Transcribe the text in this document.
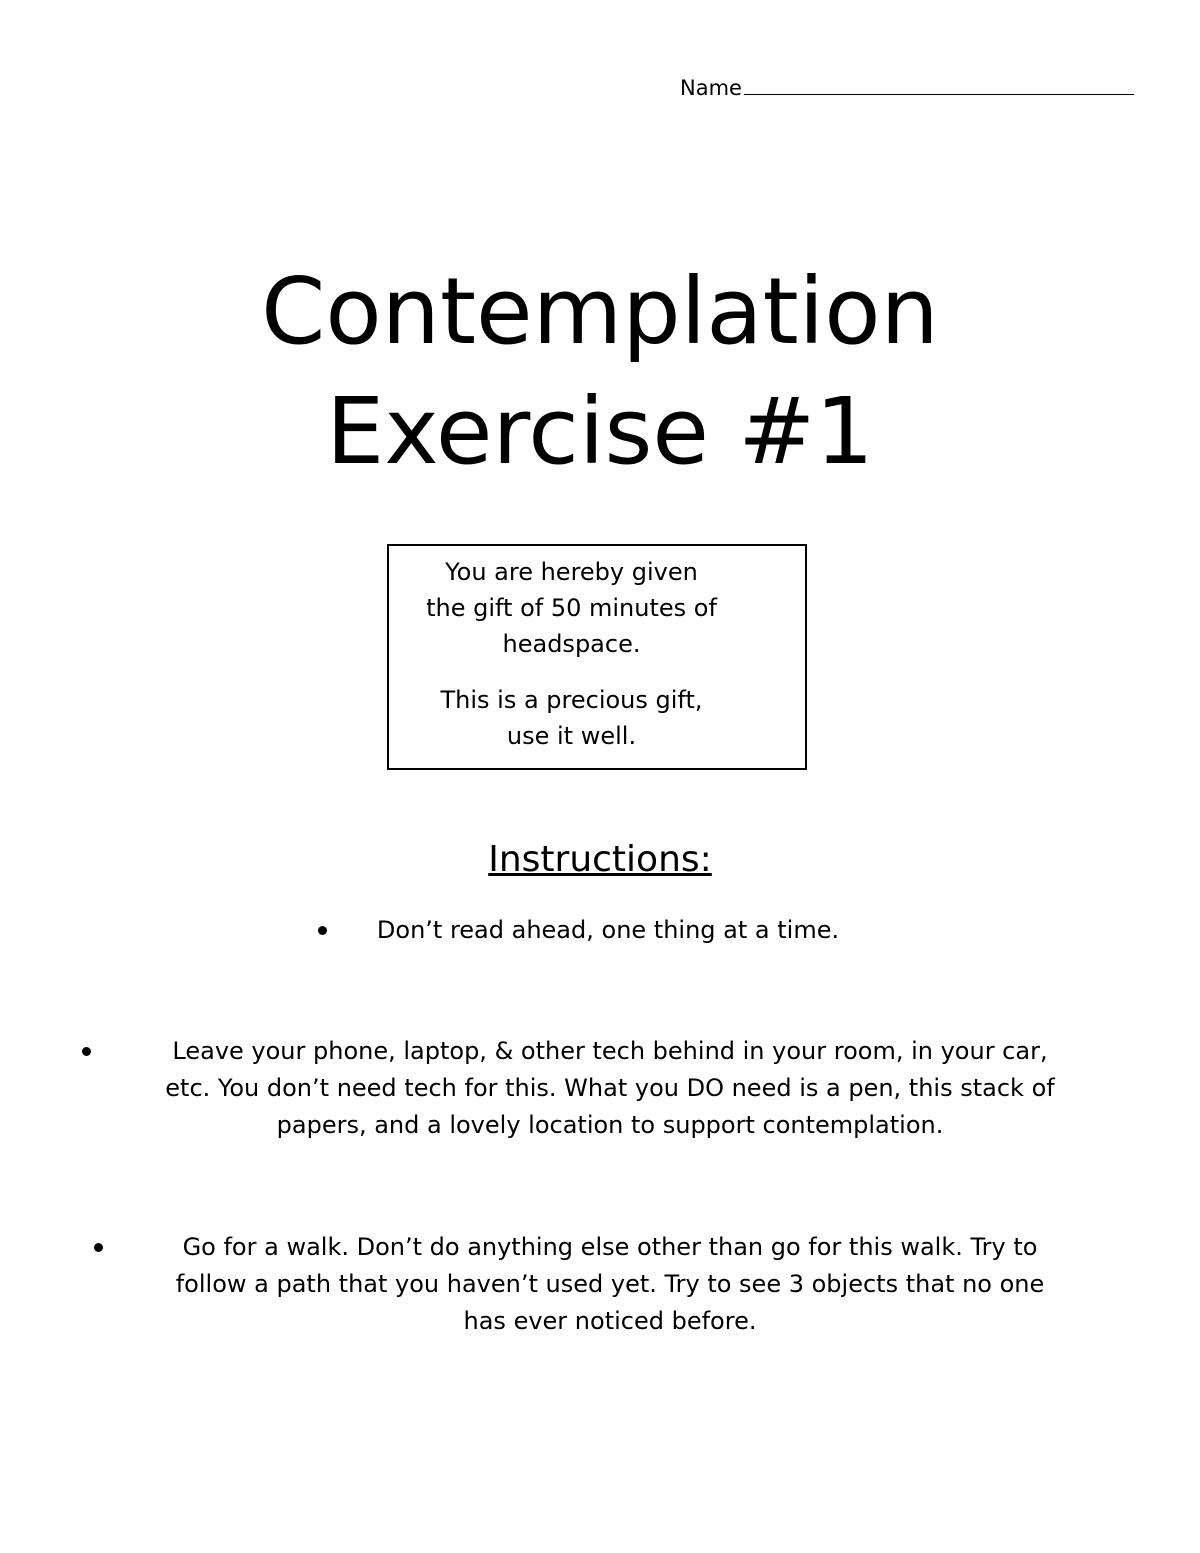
Name
Contemplation
Exercise #1
You are hereby given
the gift of 50 minutes of
headspace.
This is a precious gift,
use it well.
Instructions:
Don’t read ahead, one thing at a time.
Leave your phone, laptop, & other tech behind in your room, in your car,
etc. You don’t need tech for this. What you DO need is a pen, this stack of
papers, and a lovely location to support contemplation.
Go for a walk. Don’t do anything else other than go for this walk. Try to
follow a path that you haven’t used yet. Try to see 3 objects that no one
has ever noticed before.
